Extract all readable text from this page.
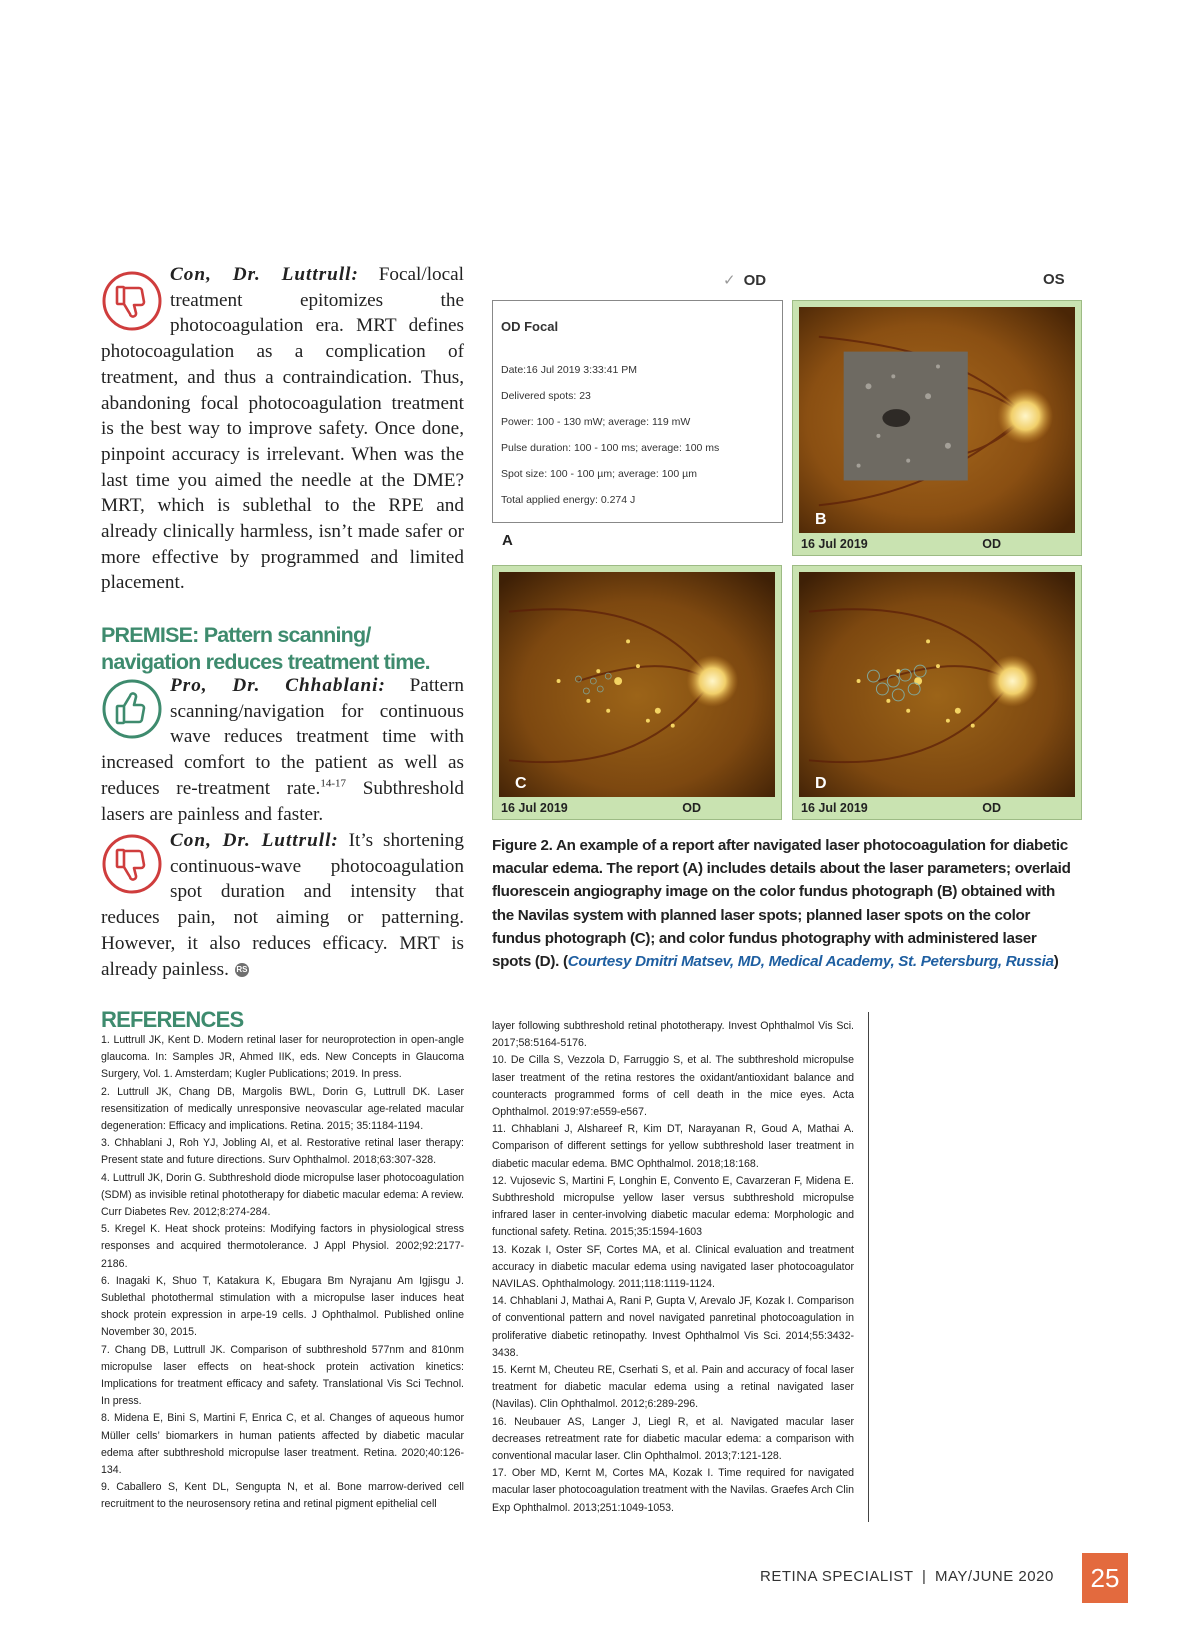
Con, Dr. Luttrull: Focal/local treatment epitomizes the photocoagulation era. MRT defines photocoagulation as a complication of treatment, and thus a contraindication. Thus, abandoning focal photocoagulation treatment is the best way to improve safety. Once done, pinpoint accuracy is irrelevant. When was the last time you aimed the needle at the DME? MRT, which is sublethal to the RPE and already clinically harmless, isn’t made safer or more effective by programmed and limited placement.
PREMISE: Pattern scanning/ navigation reduces treatment time.
Pro, Dr. Chhablani: Pattern scanning/navigation for continuous wave reduces treatment time with increased comfort to the patient as well as reduces re-treatment rate.$^{14-17}$ Subthreshold lasers are painless and faster.
Con, Dr. Luttrull: It’s shortening continuous-wave photocoagulation spot duration and intensity that reduces pain, not aiming or patterning. However, it also reduces efficacy. MRT is already painless. RS
✓ OD	OS
OD Focal
Date:16 Jul 2019 3:33:41 PM
Delivered spots: 23
Power: 100 - 130 mW; average: 119 mW
Pulse duration: 100 - 100 ms; average: 100 ms
Spot size: 100 - 100 µm; average: 100 µm
Total applied energy: 0.274 J
A
B
16 Jul 2019	OD
C
16 Jul 2019	OD
D
16 Jul 2019	OD
Figure 2. An example of a report after navigated laser photocoagulation for diabetic macular edema. The report (A) includes details about the laser parameters; overlaid fluorescein angiography image on the color fundus photograph (B) obtained with the Navilas system with planned laser spots; planned laser spots on the color fundus photograph (C); and color fundus photography with administered laser spots (D). (Courtesy Dmitri Matsev, MD, Medical Academy, St. Petersburg, Russia)
REFERENCES

1. Luttrull JK, Kent D. Modern retinal laser for neuroprotection in open-angle glaucoma. In: Samples JR, Ahmed IIK, eds. New Concepts in Glaucoma Surgery, Vol. 1. Amsterdam; Kugler Publications; 2019. In press.

2. Luttrull JK, Chang DB, Margolis BWL, Dorin G, Luttrull DK. Laser resensitization of medically unresponsive neovascular age-related macular degeneration: Efficacy and implications. Retina. 2015; 35:1184-1194.

3. Chhablani J, Roh YJ, Jobling AI, et al. Restorative retinal laser therapy: Present state and future directions. Surv Ophthalmol. 2018;63:307-328.

4. Luttrull JK, Dorin G. Subthreshold diode micropulse laser photocoagulation (SDM) as invisible retinal phototherapy for diabetic macular edema: A review. Curr Diabetes Rev. 2012;8:274-284.

5. Kregel K. Heat shock proteins: Modifying factors in physiological stress responses and acquired thermotolerance. J Appl Physiol. 2002;92:2177-2186.

6. Inagaki K, Shuo T, Katakura K, Ebugara Bm Nyrajanu Am Igjisgu J. Sublethal photothermal stimulation with a micropulse laser induces heat shock protein expression in arpe-19 cells. J Ophthalmol. Published online November 30, 2015.

7. Chang DB, Luttrull JK. Comparison of subthreshold 577nm and 810nm micropulse laser effects on heat-shock protein activation kinetics: Implications for treatment efficacy and safety. Translational Vis Sci Technol. In press.

8. Midena E, Bini S, Martini F, Enrica C, et al. Changes of aqueous humor Müller cells’ biomarkers in human patients affected by diabetic macular edema after subthreshold micropulse laser treatment. Retina. 2020;40:126-134.

9. Caballero S, Kent DL, Sengupta N, et al. Bone marrow-derived cell recruitment to the neurosensory retina and retinal pigment epithelial cell

layer following subthreshold retinal phototherapy. Invest Ophthalmol Vis Sci. 2017;58:5164-5176.

10. De Cilla S, Vezzola D, Farruggio S, et al. The subthreshold micropulse laser treatment of the retina restores the oxidant/antioxidant balance and counteracts programmed forms of cell death in the mice eyes. Acta Ophthalmol. 2019:97:e559-e567.

11. Chhablani J, Alshareef R, Kim DT, Narayanan R, Goud A, Mathai A. Comparison of different settings for yellow subthreshold laser treatment in diabetic macular edema. BMC Ophthalmol. 2018;18:168.

12. Vujosevic S, Martini F, Longhin E, Convento E, Cavarzeran F, Midena E. Subthreshold micropulse yellow laser versus subthreshold micropulse infrared laser in center-involving diabetic macular edema: Morphologic and functional safety. Retina. 2015;35:1594-1603

13. Kozak I, Oster SF, Cortes MA, et al. Clinical evaluation and treatment accuracy in diabetic macular edema using navigated laser photocoagulator NAVILAS. Ophthalmology. 2011;118:1119-1124.

14. Chhablani J, Mathai A, Rani P, Gupta V, Arevalo JF, Kozak I. Comparison of conventional pattern and novel navigated panretinal photocoagulation in proliferative diabetic retinopathy. Invest Ophthalmol Vis Sci. 2014;55:3432-3438.

15. Kernt M, Cheuteu RE, Cserhati S, et al. Pain and accuracy of focal laser treatment for diabetic macular edema using a retinal navigated laser (Navilas). Clin Ophthalmol. 2012;6:289-296.

16. Neubauer AS, Langer J, Liegl R, et al. Navigated macular laser decreases retreatment rate for diabetic macular edema: a comparison with conventional macular laser. Clin Ophthalmol. 2013;7:121-128.

17. Ober MD, Kernt M, Cortes MA, Kozak I. Time required for navigated macular laser photocoagulation treatment with the Navilas. Graefes Arch Clin Exp Ophthalmol. 2013;251:1049-1053.

RETINA SPECIALIST | MAY/JUNE 2020	25
